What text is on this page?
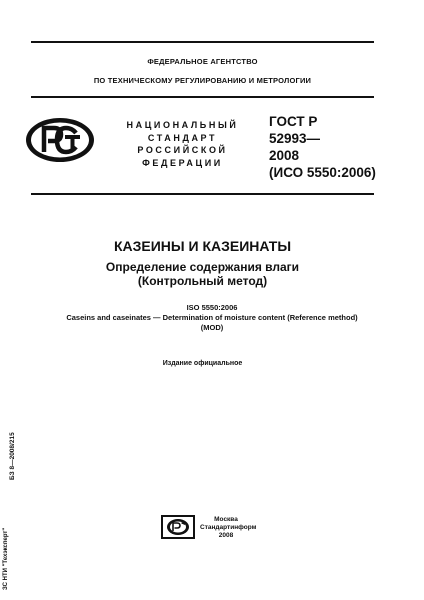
ФЕДЕРАЛЬНОЕ АГЕНТСТВО
ПО ТЕХНИЧЕСКОМУ РЕГУЛИРОВАНИЮ И МЕТРОЛОГИИ
НАЦИОНАЛЬНЫЙ
СТАНДАРТ
РОССИЙСКОЙ
ФЕДЕРАЦИИ
ГОСТ Р
52993—
2008
(ИСО 5550:2006)
КАЗЕИНЫ И КАЗЕИНАТЫ
Определение содержания влаги
(Контрольный метод)
ISO 5550:2006
Caseins and caseinates — Determination of moisture content (Reference method)
(MOD)
Издание официальное
БЗ 8—2008/215
ЗС НТИ "Техэксперт"
Москва
Стандартинформ
2008
